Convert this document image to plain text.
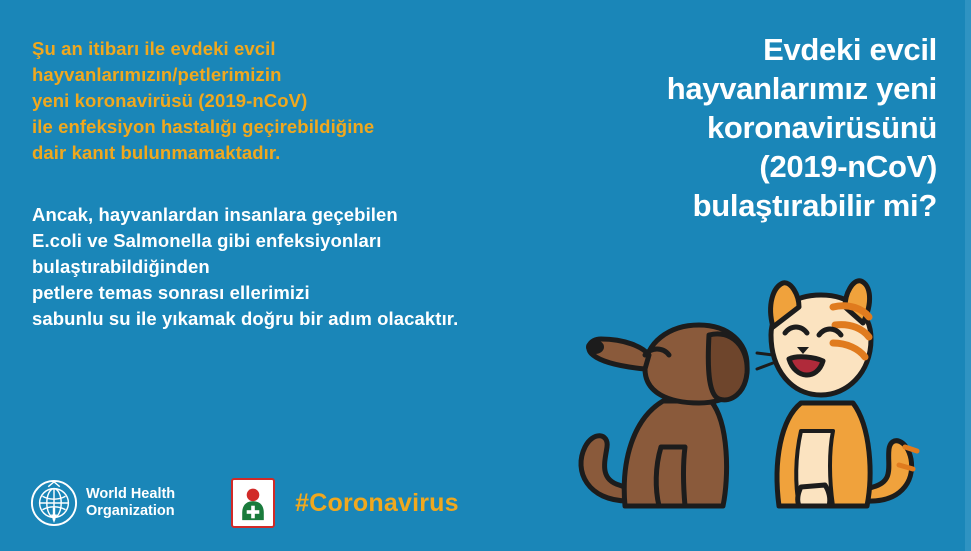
Şu an itibarı ile evdeki evcil
hayvanlarımızın/petlerimizin
yeni koronavirüsü (2019-nCoV)
ile enfeksiyon hastalığı geçirebildiğine
dair kanıt bulunmamaktadır.
Ancak, hayvanlardan insanlara geçebilen
E.coli ve Salmonella gibi enfeksiyonları
bulaştırabildiğinden
petlere temas sonrası ellerimizi
sabunlu su ile yıkamak doğru bir adım olacaktır.
Evdeki evcil
hayvanlarımız yeni
koronavirüsünü
(2019-nCoV)
bulaştırabilir mi?
World Health
Organization	#Coronavirus
